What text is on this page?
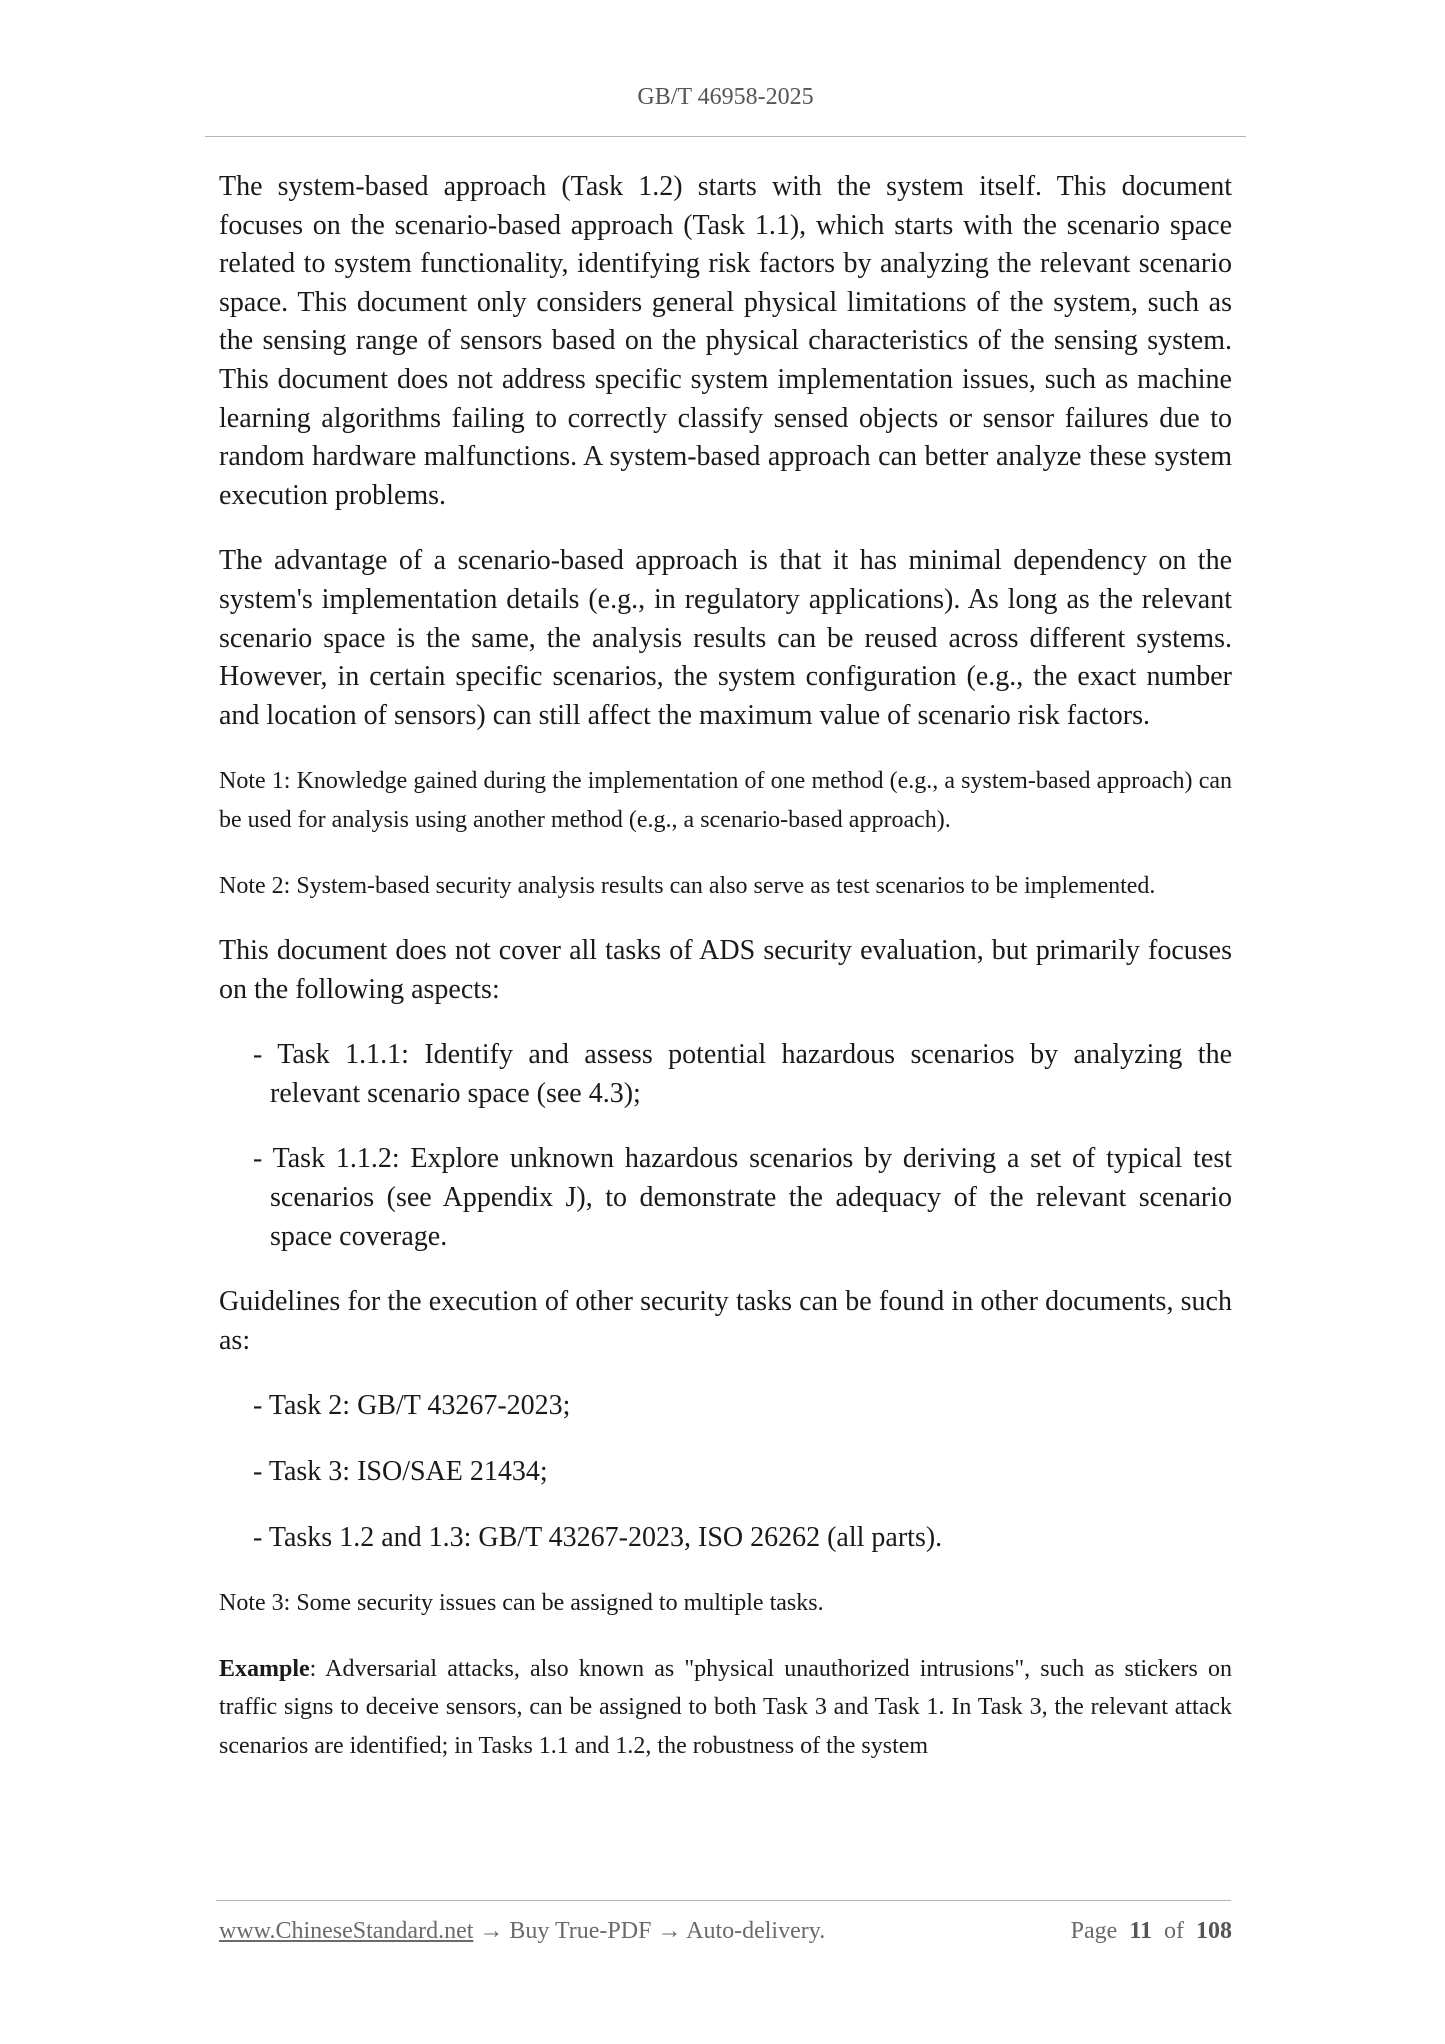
GB/T 46958-2025

The system-based approach (Task 1.2) starts with the system itself. This document focuses on the scenario-based approach (Task 1.1), which starts with the scenario space related to system functionality, identifying risk factors by analyzing the relevant scenario space. This document only considers general physical limitations of the system, such as the sensing range of sensors based on the physical characteristics of the sensing system. This document does not address specific system implementation issues, such as machine learning algorithms failing to correctly classify sensed objects or sensor failures due to random hardware malfunctions. A system-based approach can better analyze these system execution problems.

The advantage of a scenario-based approach is that it has minimal dependency on the system's implementation details (e.g., in regulatory applications). As long as the relevant scenario space is the same, the analysis results can be reused across different systems. However, in certain specific scenarios, the system configuration (e.g., the exact number and location of sensors) can still affect the maximum value of scenario risk factors.

Note 1: Knowledge gained during the implementation of one method (e.g., a system-based approach) can be used for analysis using another method (e.g., a scenario-based approach).

Note 2: System-based security analysis results can also serve as test scenarios to be implemented.

This document does not cover all tasks of ADS security evaluation, but primarily focuses on the following aspects:

- Task 1.1.1: Identify and assess potential hazardous scenarios by analyzing the relevant scenario space (see 4.3);

- Task 1.1.2: Explore unknown hazardous scenarios by deriving a set of typical test scenarios (see Appendix J), to demonstrate the adequacy of the relevant scenario space coverage.

Guidelines for the execution of other security tasks can be found in other documents, such as:

- Task 2: GB/T 43267-2023;

- Task 3: ISO/SAE 21434;

- Tasks 1.2 and 1.3: GB/T 43267-2023, ISO 26262 (all parts).

Note 3: Some security issues can be assigned to multiple tasks.

Example: Adversarial attacks, also known as "physical unauthorized intrusions", such as stickers on traffic signs to deceive sensors, can be assigned to both Task 3 and Task 1. In Task 3, the relevant attack scenarios are identified; in Tasks 1.1 and 1.2, the robustness of the system

www.ChineseStandard.net → Buy True-PDF → Auto-delivery.	Page 11 of 108
